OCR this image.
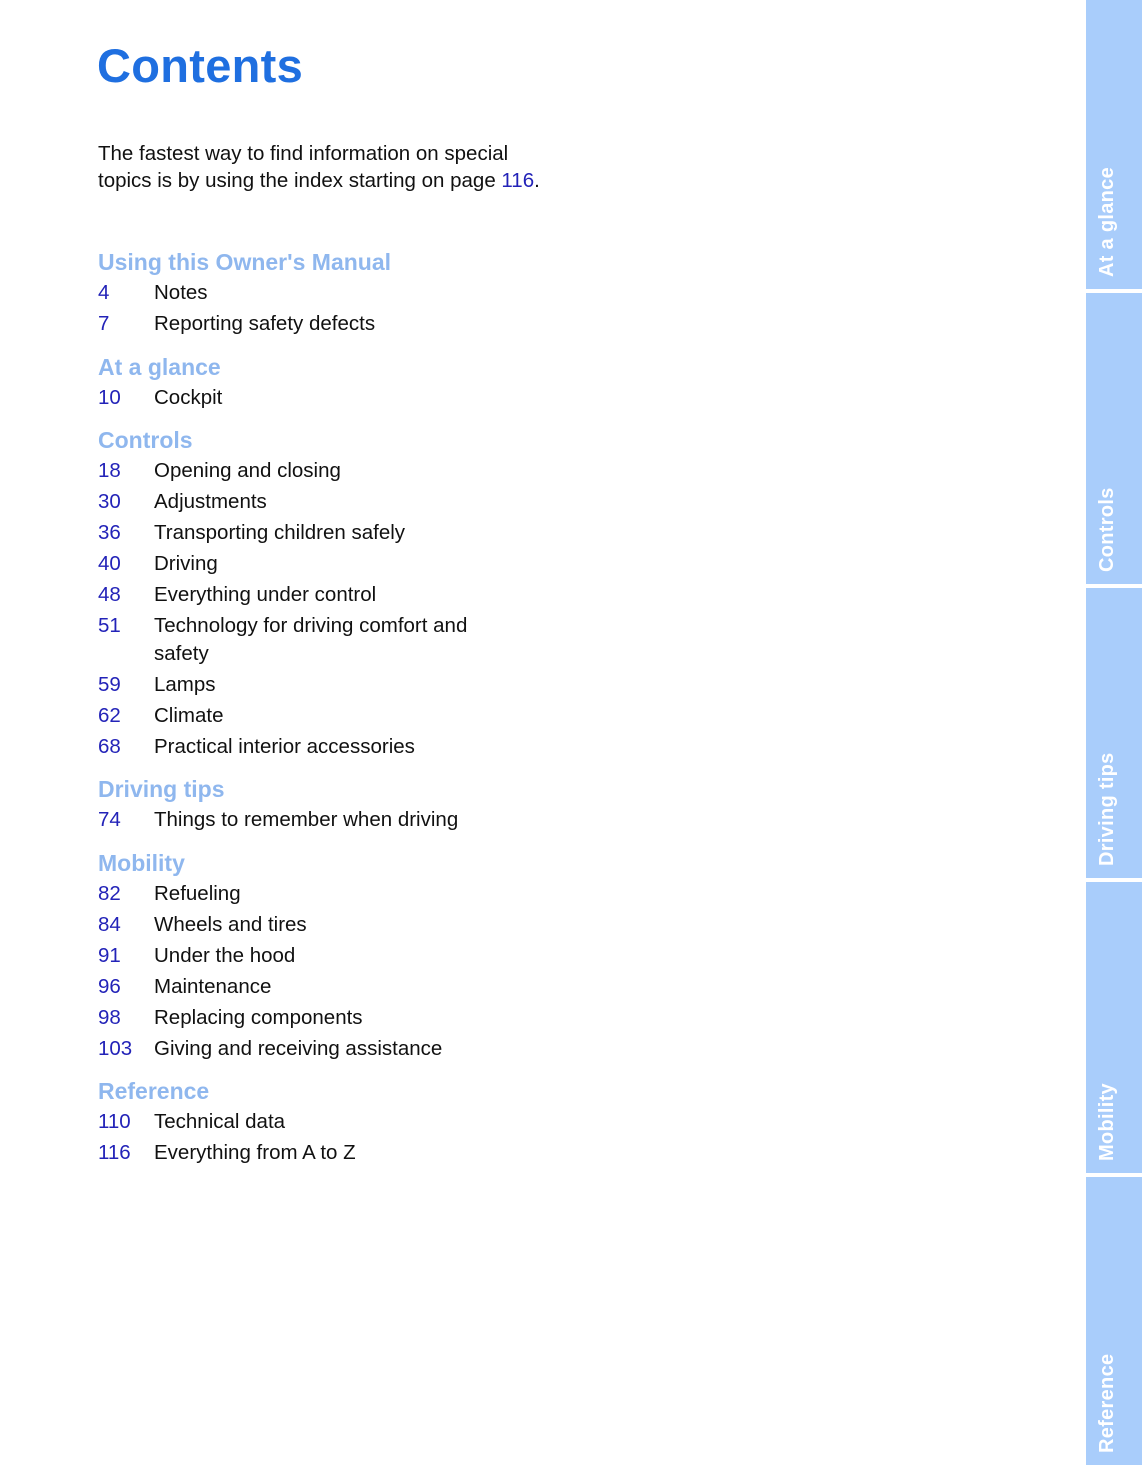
Contents

The fastest way to find information on special topics is by using the index starting on page 116.

Using this Owner's Manual
4	Notes
7	Reporting safety defects
At a glance
10	Cockpit
Controls
18	Opening and closing
30	Adjustments
36	Transporting children safely
40	Driving
48	Everything under control
51	Technology for driving comfort and safety
59	Lamps
62	Climate
68	Practical interior accessories
Driving tips
74	Things to remember when driving
Mobility
82	Refueling
84	Wheels and tires
91	Under the hood
96	Maintenance
98	Replacing components
103	Giving and receiving assistance
Reference
110	Technical data
116	Everything from A to Z
At a glance
Controls
Driving tips
Mobility
Reference
